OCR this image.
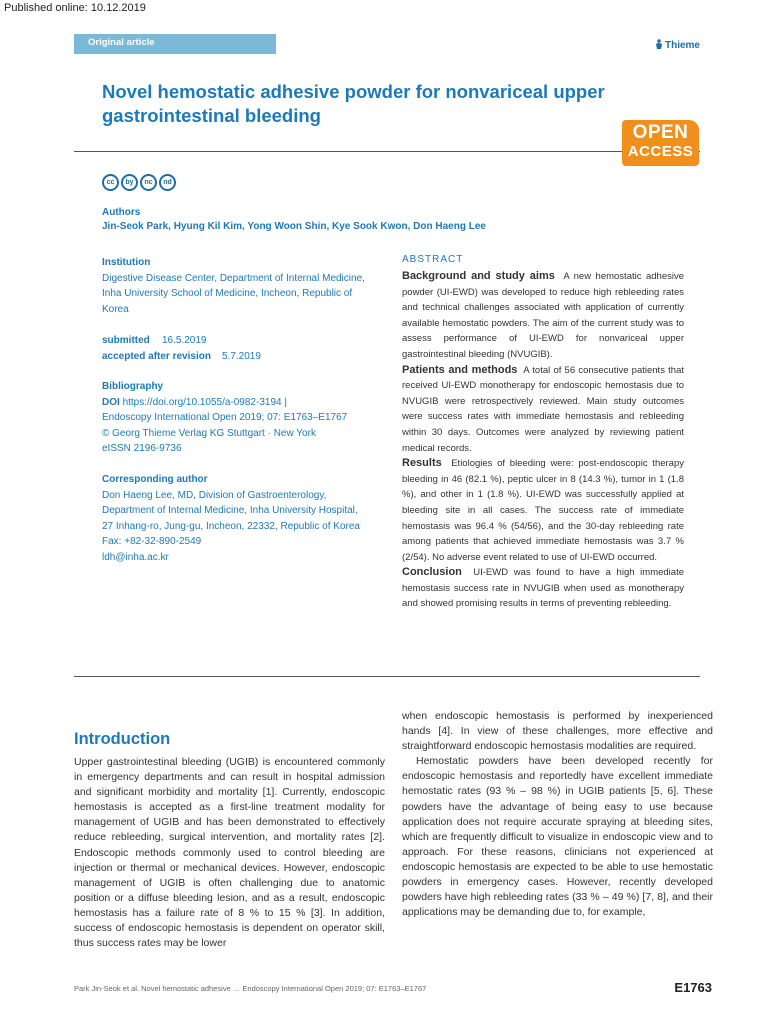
Published online: 10.12.2019
Original article	Thieme
Novel hemostatic adhesive powder for nonvariceal upper gastrointestinal bleeding
OPEN
ACCESS
cc	by	nc	nd
Authors
Jin-Seok Park, Hyung Kil Kim, Yong Woon Shin, Kye Sook Kwon, Don Haeng Lee
Institution
Digestive Disease Center, Department of Internal Medicine,
Inha University School of Medicine, Incheon, Republic of
Korea
submitted	16.5.2019
accepted after revision	5.7.2019
Bibliography
DOI https://doi.org/10.1055/a-0982-3194 |
Endoscopy International Open 2019; 07: E1763–E1767
© Georg Thieme Verlag KG Stuttgart · New York
eISSN 2196-9736
Corresponding author
Don Haeng Lee, MD, Division of Gastroenterology,
Department of Internal Medicine, Inha University Hospital,
27 Inhang-ro, Jung-gu, Incheon, 22332, Republic of Korea
Fax: +82-32-890-2549
ldh@inha.ac.kr
ABSTRACT

Background and study aims A new hemostatic adhesive powder (UI-EWD) was developed to reduce high rebleeding rates and technical challenges associated with application of currently available hemostatic powders. The aim of the current study was to assess performance of UI-EWD for nonvariceal upper gastrointestinal bleeding (NVUGIB).

Patients and methods A total of 56 consecutive patients that received UI-EWD monotherapy for endoscopic hemostasis due to NVUGIB were retrospectively reviewed. Main study outcomes were success rates with immediate hemostasis and rebleeding within 30 days. Outcomes were analyzed by reviewing patient medical records.

Results Etiologies of bleeding were: post-endoscopic therapy bleeding in 46 (82.1 %), peptic ulcer in 8 (14.3 %), tumor in 1 (1.8 %), and other in 1 (1.8 %). UI-EWD was successfully applied at bleeding site in all cases. The success rate of immediate hemostasis was 96.4 % (54/56), and the 30-day rebleeding rate among patients that achieved immediate hemostasis was 3.7 % (2/54). No adverse event related to use of UI-EWD occurred.

Conclusion UI-EWD was found to have a high immediate hemostasis success rate in NVUGIB when used as monotherapy and showed promising results in terms of preventing rebleeding.

Introduction

Upper gastrointestinal bleeding (UGIB) is encountered commonly in emergency departments and can result in hospital admission and significant morbidity and mortality [1]. Currently, endoscopic hemostasis is accepted as a first-line treatment modality for management of UGIB and has been demonstrated to effectively reduce rebleeding, surgical intervention, and mortality rates [2]. Endoscopic methods commonly used to control bleeding are injection or thermal or mechanical devices. However, endoscopic management of UGIB is often challenging due to anatomic position or a diffuse bleeding lesion, and as a result, endoscopic hemostasis has a failure rate of 8 % to 15 % [3]. In addition, success of endoscopic hemostasis is dependent on operator skill, thus success rates may be lower

when endoscopic hemostasis is performed by inexperienced hands [4]. In view of these challenges, more effective and straightforward endoscopic hemostasis modalities are required.

Hemostatic powders have been developed recently for endoscopic hemostasis and reportedly have excellent immediate hemostatic rates (93 % – 98 %) in UGIB patients [5, 6]. These powders have the advantage of being easy to use because application does not require accurate spraying at bleeding sites, which are frequently difficult to visualize in endoscopic view and to approach. For these reasons, clinicians not experienced at endoscopic hemostasis are expected to be able to use hemostatic powders in emergency cases. However, recently developed powders have high rebleeding rates (33 % – 49 %) [7, 8], and their applications may be demanding due to, for example,

Park Jin-Seok et al. Novel hemostatic adhesive … Endoscopy International Open 2019; 07: E1763–E1767	E1763
